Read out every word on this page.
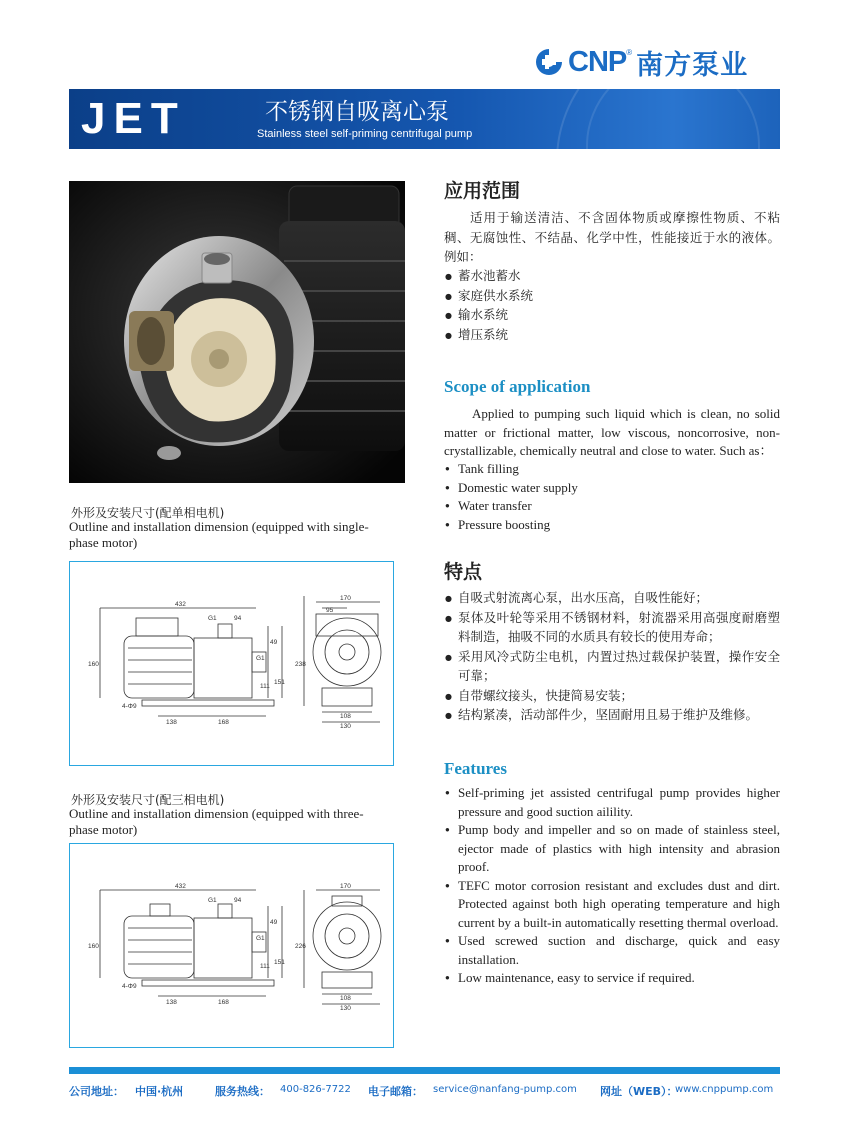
CNP ® 南方泵业
JET	不锈钢自吸离心泵
Stainless steel self-priming centrifugal pump
外形及安装尺寸(配单相电机)
Outline and installation dimension (equipped with single-phase motor)
432
G1	94
160
49
G1
111
151
238
4-Φ9
138	168
170
95
108
130
外形及安装尺寸(配三相电机)
Outline and installation dimension (equipped with three-phase motor)
432
G1	94
160
49
G1
111
151
226
4-Φ9
138	168
170
108
130
应用范围
适用于输送清洁、不含固体物质或摩擦性物质、不粘稠、无腐蚀性、不结晶、化学中性，性能接近于水的液体。例如：
● 蓄水池蓄水
● 家庭供水系统
● 输水系统
● 增压系统
Scope of application
Applied to pumping such liquid which is clean, no solid matter or frictional matter, low viscous, noncorrosive, non-crystallizable, chemically neutral and close to water. Such as：
● Tank filling
● Domestic water supply
● Water transfer
● Pressure boosting
特点
● 自吸式射流离心泵，出水压高，自吸性能好；
● 泵体及叶轮等采用不锈钢材料，射流器采用高强度耐磨塑料制造，抽吸不同的水质具有较长的使用寿命；
● 采用风冷式防尘电机，内置过热过载保护装置，操作安全可靠；
● 自带螺纹接头，快捷简易安装；
● 结构紧凑，活动部件少，坚固耐用且易于维护及维修。
Features
● Self-priming jet assisted centrifugal pump provides higher pressure and good suction ailility.
● Pump body and impeller and so on made of stainless steel, ejector made of plastics with high intensity and abrasion proof.
● TEFC motor corrosion resistant and excludes dust and dirt. Protected against both high operating temperature and high current by a built-in automatically resetting thermal overload.
● Used screwed suction and discharge, quick and easy installation.
● Low maintenance, easy to service if required.
公司地址： 中国·杭州	服务热线： 400-826-7722 电子邮箱： service@nanfang-pump.com 网址（WEB）：
www.cnppump.com
